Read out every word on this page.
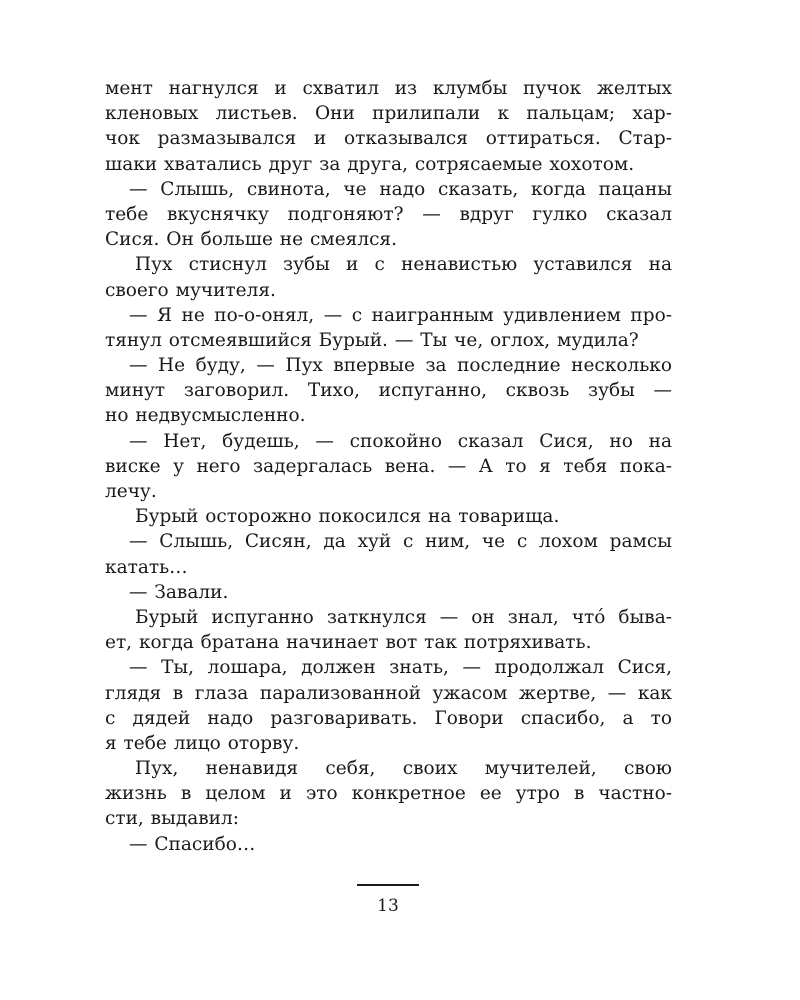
мент нагнулся и схватил из клумбы пучок желтых
кленовых листьев. Они прилипали к пальцам; хар-
чок размазывался и отказывался оттираться. Стар-
шаки хватались друг за друга, сотрясаемые хохотом.
— Слышь, свинота, че надо сказать, когда пацаны
тебе вкуснячку подгоняют? — вдруг гулко сказал
Сися. Он больше не смеялся.
Пух стиснул зубы и с ненавистью уставился на
своего мучителя.
— Я не по-о-онял, — с наигранным удивлением про-
тянул отсмеявшийся Бурый. — Ты че, оглох, мудила?
— Не буду, — Пух впервые за последние несколько
минут заговорил. Тихо, испуганно, сквозь зубы —
но недвусмысленно.
— Нет, будешь, — спокойно сказал Сися, но на
виске у него задергалась вена. — А то я тебя пока-
лечу.
Бурый осторожно покосился на товарища.
— Слышь, Сисян, да хуй с ним, че с лохом рамсы
катать…
— Завали.
Бурый испуганно заткнулся — он знал, чтó быва-
ет, когда братана начинает вот так потряхивать.
— Ты, лошара, должен знать, — продолжал Сися,
глядя в глаза парализованной ужасом жертве, — как
с дядей надо разговаривать. Говори спасибо, а то
я тебе лицо оторву.
Пух, ненавидя себя, своих мучителей, свою
жизнь в целом и это конкретное ее утро в частно-
сти, выдавил:
— Спасибо…
13
